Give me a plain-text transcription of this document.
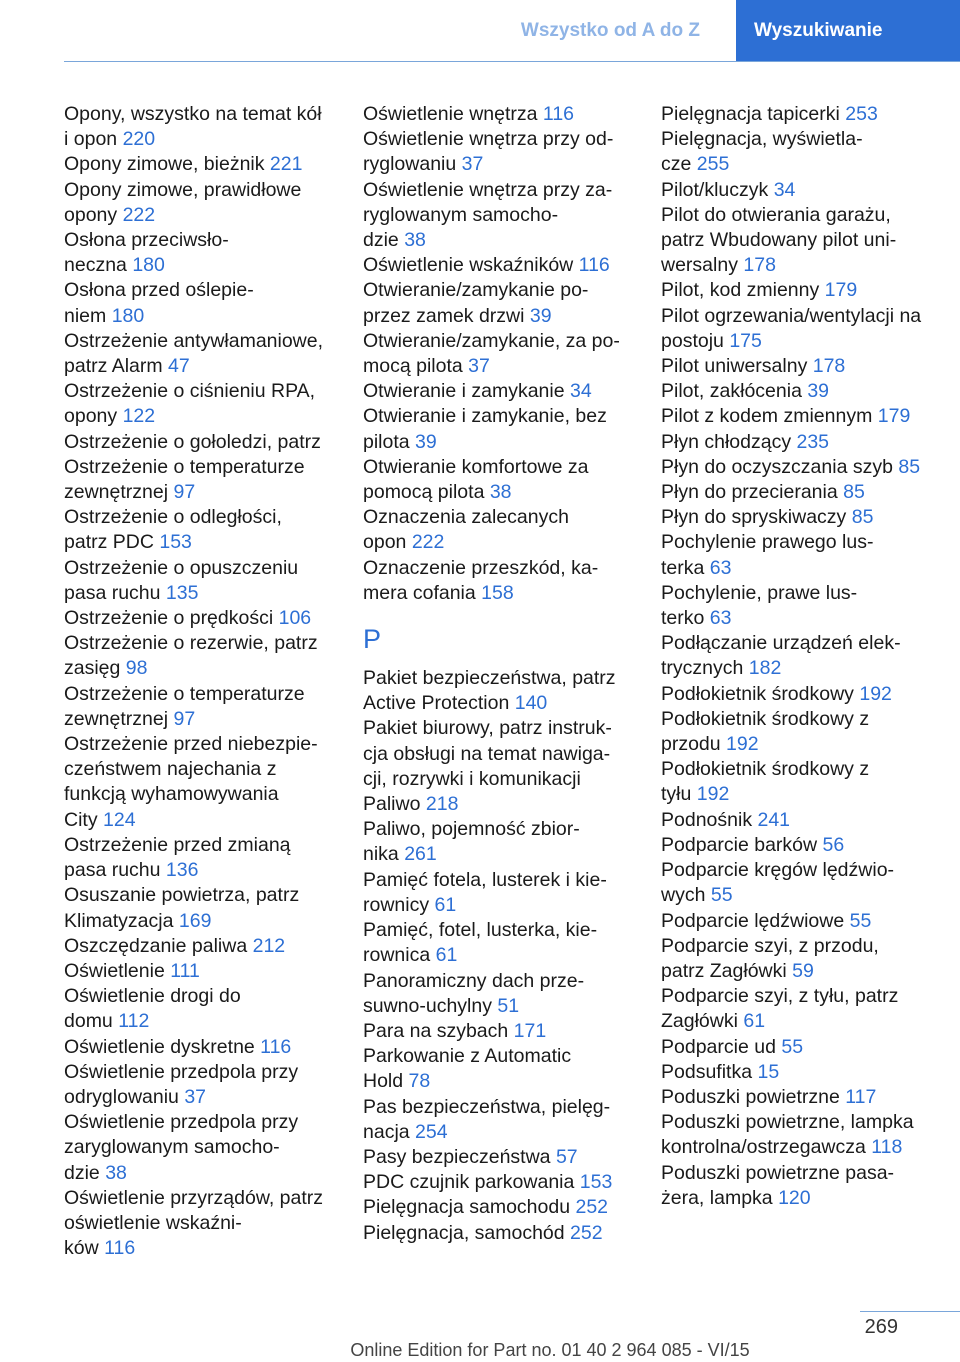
Wszystko od A do Z	Wyszukiwanie
Opony, wszystko na temat kół
i opon 220
Opony zimowe, bieżnik 221
Opony zimowe, prawidłowe
opony 222
Osłona przeciwsło-
neczna 180
Osłona przed oślepie-
niem 180
Ostrzeżenie antywłamaniowe,
patrz Alarm 47
Ostrzeżenie o ciśnieniu RPA,
opony 122
Ostrzeżenie o gołoledzi, patrz
Ostrzeżenie o temperaturze
zewnętrznej 97
Ostrzeżenie o odległości,
patrz PDC 153
Ostrzeżenie o opuszczeniu
pasa ruchu 135
Ostrzeżenie o prędkości 106
Ostrzeżenie o rezerwie, patrz
zasięg 98
Ostrzeżenie o temperaturze
zewnętrznej 97
Ostrzeżenie przed niebezpie-
czeństwem najechania z
funkcją wyhamowywania
City 124
Ostrzeżenie przed zmianą
pasa ruchu 136
Osuszanie powietrza, patrz
Klimatyzacja 169
Oszczędzanie paliwa 212
Oświetlenie 111
Oświetlenie drogi do
domu 112
Oświetlenie dyskretne 116
Oświetlenie przedpola przy
odryglowaniu 37
Oświetlenie przedpola przy
zaryglowanym samocho-
dzie 38
Oświetlenie przyrządów, patrz
oświetlenie wskaźni-
ków 116
Oświetlenie wnętrza 116
Oświetlenie wnętrza przy od-
ryglowaniu 37
Oświetlenie wnętrza przy za-
ryglowanym samocho-
dzie 38
Oświetlenie wskaźników 116
Otwieranie/zamykanie po-
przez zamek drzwi 39
Otwieranie/zamykanie, za po-
mocą pilota 37
Otwieranie i zamykanie 34
Otwieranie i zamykanie, bez
pilota 39
Otwieranie komfortowe za
pomocą pilota 38
Oznaczenia zalecanych
opon 222
Oznaczenie przeszkód, ka-
mera cofania 158
P
Pakiet bezpieczeństwa, patrz
Active Protection 140
Pakiet biurowy, patrz instruk-
cja obsługi na temat nawiga-
cji, rozrywki i komunikacji
Paliwo 218
Paliwo, pojemność zbior-
nika 261
Pamięć fotela, lusterek i kie-
rownicy 61
Pamięć, fotel, lusterka, kie-
rownica 61
Panoramiczny dach prze-
suwno-uchylny 51
Para na szybach 171
Parkowanie z Automatic
Hold 78
Pas bezpieczeństwa, pielęg-
nacja 254
Pasy bezpieczeństwa 57
PDC czujnik parkowania 153
Pielęgnacja samochodu 252
Pielęgnacja, samochód 252
Pielęgnacja tapicerki 253
Pielęgnacja, wyświetla-
cze 255
Pilot/kluczyk 34
Pilot do otwierania garażu,
patrz Wbudowany pilot uni-
wersalny 178
Pilot, kod zmienny 179
Pilot ogrzewania/wentylacji na
postoju 175
Pilot uniwersalny 178
Pilot, zakłócenia 39
Pilot z kodem zmiennym 179
Płyn chłodzący 235
Płyn do oczyszczania szyb 85
Płyn do przecierania 85
Płyn do spryskiwaczy 85
Pochylenie prawego lus-
terka 63
Pochylenie, prawe lus-
terko 63
Podłączanie urządzeń elek-
trycznych 182
Podłokietnik środkowy 192
Podłokietnik środkowy z
przodu 192
Podłokietnik środkowy z
tyłu 192
Podnośnik 241
Podparcie barków 56
Podparcie kręgów lędźwio-
wych 55
Podparcie lędźwiowe 55
Podparcie szyi, z przodu,
patrz Zagłówki 59
Podparcie szyi, z tyłu, patrz
Zagłówki 61
Podparcie ud 55
Podsufitka 15
Poduszki powietrzne 117
Poduszki powietrzne, lampka
kontrolna/ostrzegawcza 118
Poduszki powietrzne pasa-
żera, lampka 120
269
Online Edition for Part no. 01 40 2 964 085 - VI/15
